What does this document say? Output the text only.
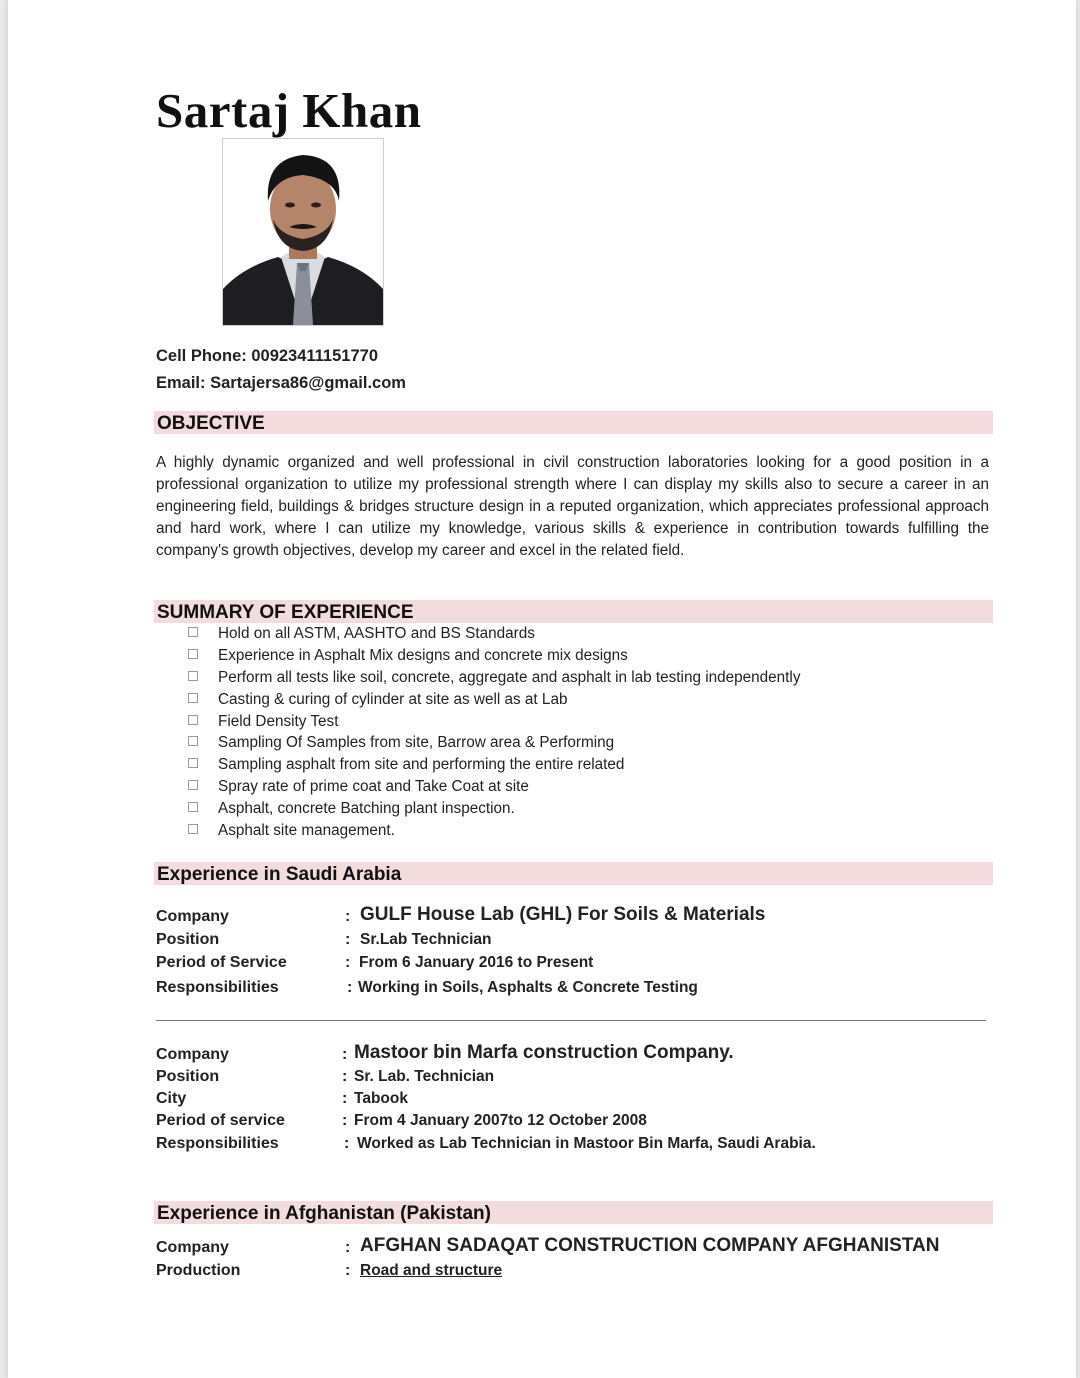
Sartaj Khan
Cell Phone: 00923411151770
Email: Sartajersa86@gmail.com
OBJECTIVE
A highly dynamic organized and well professional in civil construction laboratories looking for a good position in a professional organization to utilize my professional strength where I can display my skills also to secure a career in an engineering field, buildings & bridges structure design in a reputed organization, which appreciates professional approach and hard work, where I can utilize my knowledge, various skills & experience in contribution towards fulfilling the company's growth objectives, develop my career and excel in the related field.
SUMMARY OF EXPERIENCE
Hold on all ASTM, AASHTO and BS Standards
Experience in Asphalt Mix designs and concrete mix designs
Perform all tests like soil, concrete, aggregate and asphalt in lab testing independently
Casting & curing of cylinder at site as well as at Lab
Field Density Test
Sampling Of Samples from site, Barrow area & Performing
Sampling asphalt from site and performing the entire related
Spray rate of prime coat and Take Coat at site
Asphalt, concrete Batching plant inspection.
Asphalt site management.
Experience in Saudi Arabia
Company	: GULF House Lab (GHL) For Soils & Materials
Position	: Sr.Lab Technician
Period of Service	: From 6 January 2016 to Present
Responsibilities	: Working in Soils, Asphalts & Concrete Testing
Company	: Mastoor bin Marfa construction Company.
Position	: Sr. Lab. Technician
City	: Tabook
Period of service	: From 4 January 2007to 12 October 2008
Responsibilities	: Worked as Lab Technician in Mastoor Bin Marfa, Saudi Arabia.
Experience in Afghanistan (Pakistan)
Company	: AFGHAN SADAQAT CONSTRUCTION COMPANY AFGHANISTAN
Production	: Road and structure
